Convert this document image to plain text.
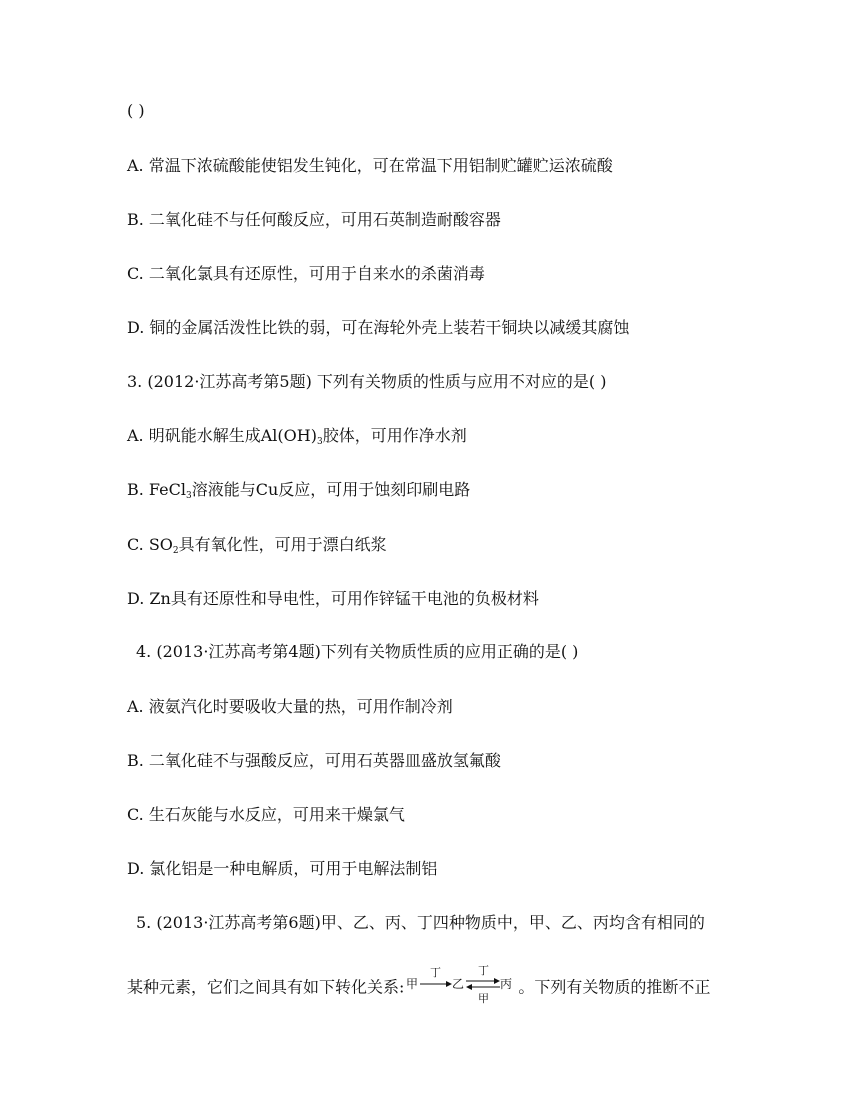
( )
A. 常温下浓硫酸能使铝发生钝化，可在常温下用铝制贮罐贮运浓硫酸
B. 二氧化硅不与任何酸反应，可用石英制造耐酸容器
C. 二氧化氯具有还原性，可用于自来水的杀菌消毒
D. 铜的金属活泼性比铁的弱，可在海轮外壳上装若干铜块以减缓其腐蚀
3. (2012·江苏高考第5题) 下列有关物质的性质与应用不对应的是( )
A. 明矾能水解生成$Al(OH)_3$胶体，可用作净水剂
B. FeCl$_3$溶液能与Cu反应，可用于蚀刻印刷电路
C. $SO_2$具有氧化性，可用于漂白纸浆
D. Zn具有还原性和导电性，可用作锌锰干电池的负极材料
4. (2013·江苏高考第4题)下列有关物质性质的应用正确的是( )
A. 液氨汽化时要吸收大量的热，可用作制冷剂
B. 二氧化硅不与强酸反应，可用石英器皿盛放氢氟酸
C. 生石灰能与水反应，可用来干燥氯气
D. 氯化铝是一种电解质，可用于电解法制铝
5. (2013·江苏高考第6题)甲、乙、丙、丁四种物质中，甲、乙、丙均含有相同的
某种元素，它们之间具有如下转化关系: 甲
丁
乙
丁
甲
丙 。下列有关物质的推断不正
